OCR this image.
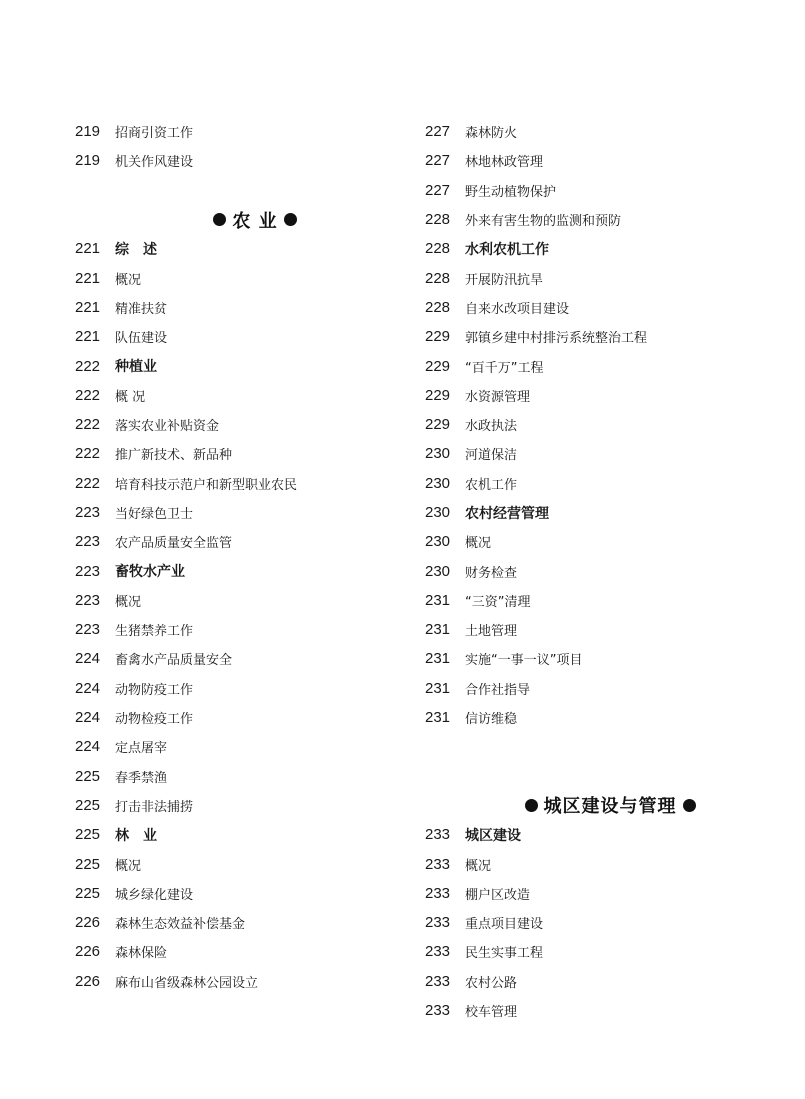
219	招商引资工作
219	机关作风建设
农 业
221	综　述
221	概况
221	精准扶贫
221	队伍建设
222	种植业
222	概 况
222	落实农业补贴资金
222	推广新技术、新品种
222	培育科技示范户和新型职业农民
223	当好绿色卫士
223	农产品质量安全监管
223	畜牧水产业
223	概况
223	生猪禁养工作
224	畜禽水产品质量安全
224	动物防疫工作
224	动物检疫工作
224	定点屠宰
225	春季禁渔
225	打击非法捕捞
225	林　业
225	概况
225	城乡绿化建设
226	森林生态效益补偿基金
226	森林保险
226	麻布山省级森林公园设立
227	森林防火
227	林地林政管理
227	野生动植物保护
228	外来有害生物的监测和预防
228	水利农机工作
228	开展防汛抗旱
228	自来水改项目建设
229	郭镇乡建中村排污系统整治工程
229	“百千万”工程
229	水资源管理
229	水政执法
230	河道保洁
230	农机工作
230	农村经营管理
230	概况
230	财务检查
231	“三资”清理
231	土地管理
231	实施“一事一议”项目
231	合作社指导
231	信访维稳
城区建设与管理
233	城区建设
233	概况
233	棚户区改造
233	重点项目建设
233	民生实事工程
233	农村公路
233	校车管理
